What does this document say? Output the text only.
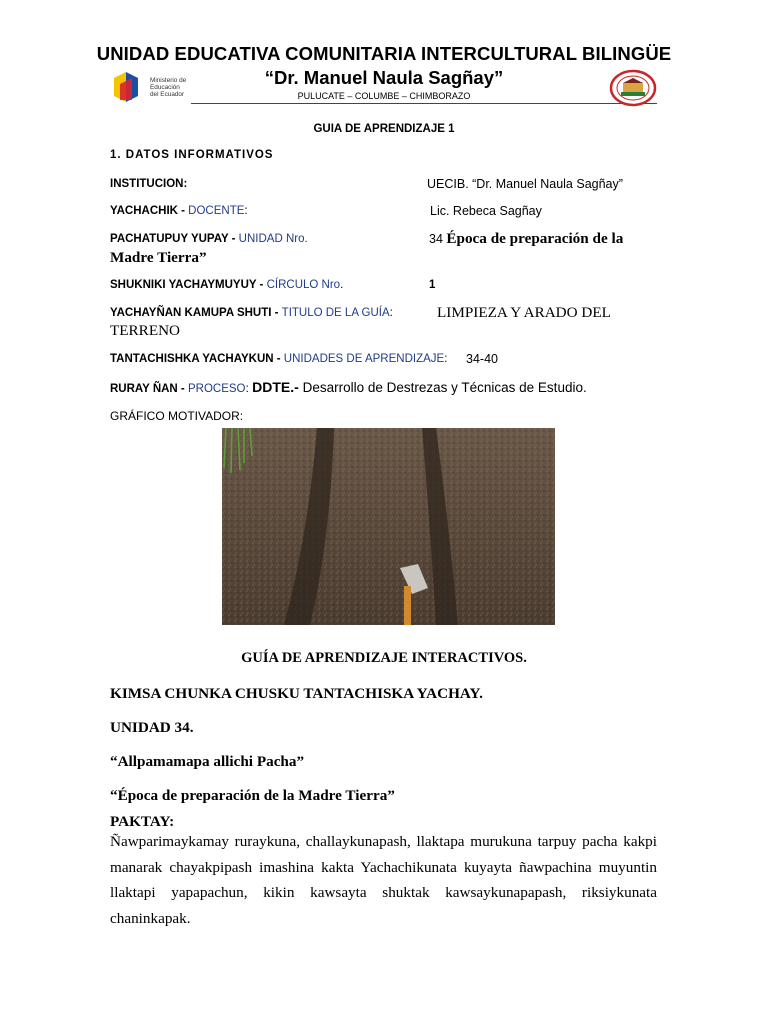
UNIDAD EDUCATIVA COMUNITARIA INTERCULTURAL BILINGÜE
Ministerio de
Educación
del Ecuador
“Dr. Manuel Naula Sagñay”
PULUCATE – COLUMBE – CHIMBORAZO
GUIA DE APRENDIZAJE 1
1. DATOS INFORMATIVOS
INSTITUCION:	UECIB. “Dr. Manuel Naula Sagñay”
YACHACHIK - DOCENTE:	Lic. Rebeca Sagñay
PACHATUPUY YUPAY - UNIDAD Nro.	34 Época de preparación de la
Madre Tierra”
SHUKNIKI YACHAYMUYUY - CÍRCULO Nro.	1
YACHAYÑAN KAMUPA SHUTI - TITULO DE LA GUÍA:	LIMPIEZA Y ARADO DEL
TERRENO
TANTACHISHKA YACHAYKUN - UNIDADES DE APRENDIZAJE: 34-40
RURAY ÑAN - PROCESO: DDTE.- Desarrollo de Destrezas y Técnicas de Estudio.
GRÁFICO MOTIVADOR:
GUÍA DE APRENDIZAJE INTERACTIVOS.
KIMSA CHUNKA CHUSKU TANTACHISKA YACHAY.
UNIDAD 34.
“Allpamamapa allichi Pacha”
“Época de preparación de la Madre Tierra”
PAKTAY:
Ñawparimaykamay ruraykuna, challaykunapash, llaktapa murukuna tarpuy pacha kakpi manarak chayakpipash imashina kakta Yachachikunata kuyayta ñawpachina muyuntin llaktapi yapapachun, kikin kawsayta shuktak kawsaykunapapash, riksiykunata chaninkapak.
